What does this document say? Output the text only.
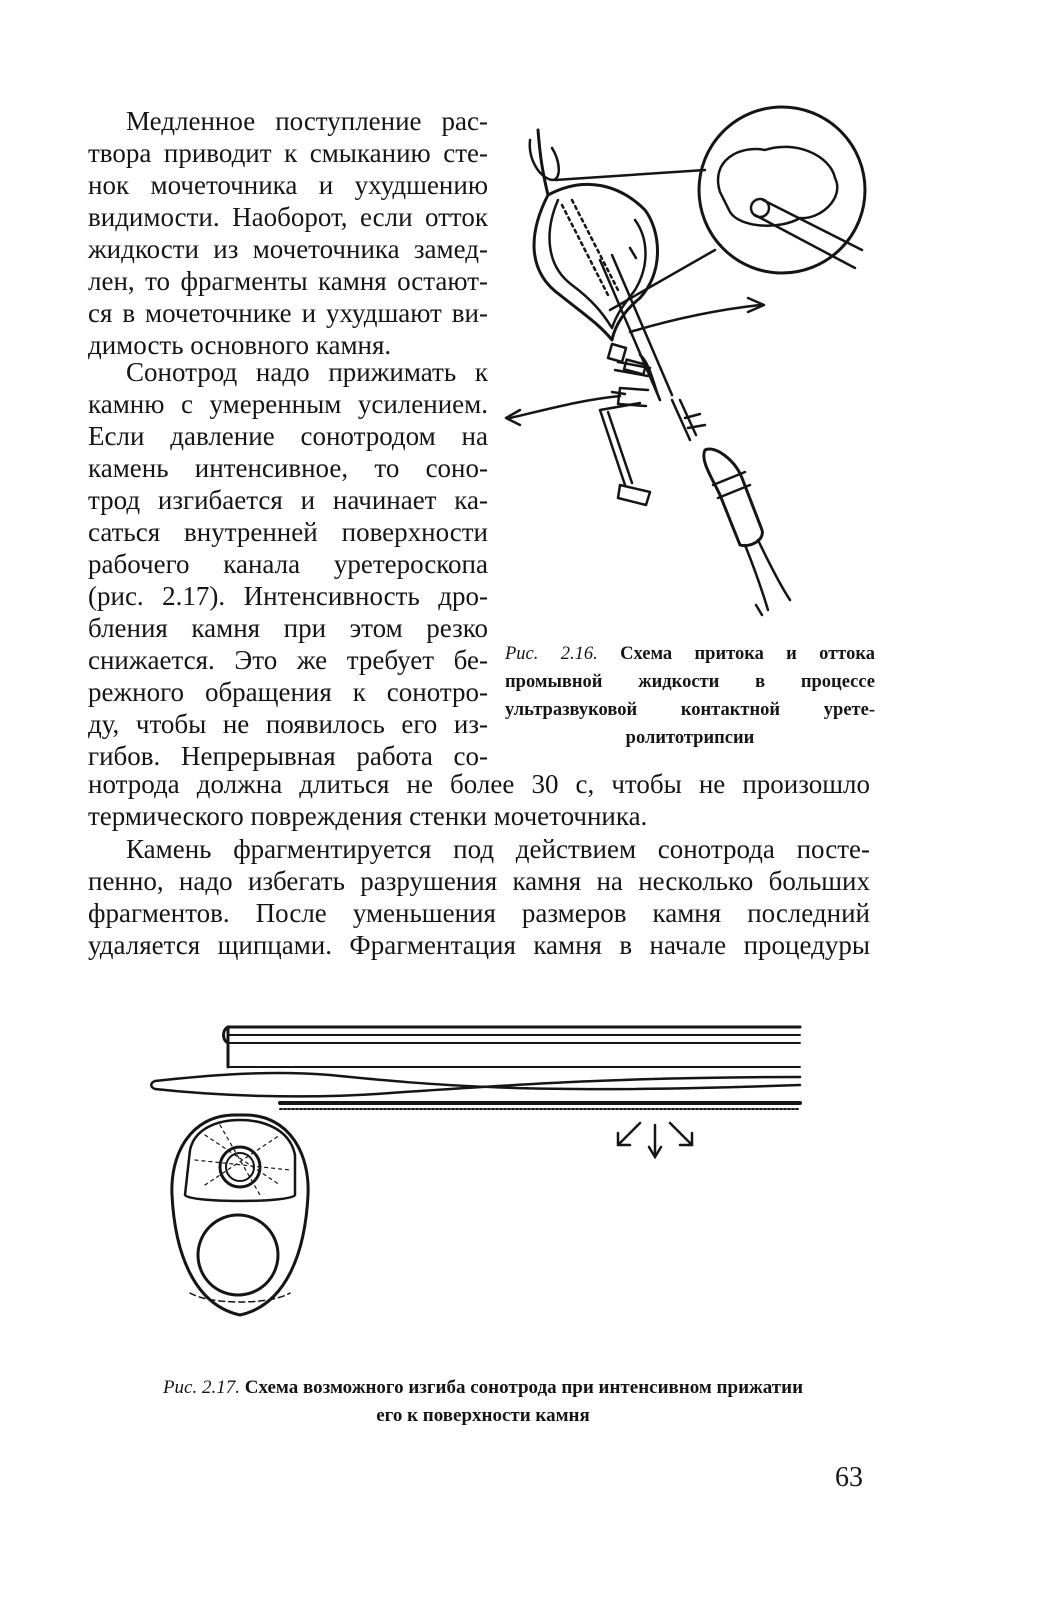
Медленное поступление рас-
твора приводит к смыканию сте-
нок мочеточника и ухудшению
видимости. Наоборот, если отток
жидкости из мочеточника замед-
лен, то фрагменты камня остают-
ся в мочеточнике и ухудшают ви-
димость основного камня.
Сонотрод надо прижимать к
камню с умеренным усилением.
Если давление сонотродом на
камень интенсивное, то соно-
трод изгибается и начинает ка-
саться внутренней поверхности
рабочего канала уретероскопа
(рис. 2.17). Интенсивность дро-
бления камня при этом резко
снижается. Это же требует бе-
режного обращения к сонотро-
ду, чтобы не появилось его из-
гибов. Непрерывная работа со-
нотрода должна длиться не более 30 с, чтобы не произошло
термического повреждения стенки мочеточника.
Камень фрагментируется под действием сонотрода посте-
пенно, надо избегать разрушения камня на несколько больших
фрагментов. После уменьшения размеров камня последний
удаляется щипцами. Фрагментация камня в начале процедуры
Рис. 2.16. Схема притока и оттока
промывной жидкости в процессе
ультразвуковой контактной урете-
ролитотрипсии
Рис. 2.17. Схема возможного изгиба сонотрода при интенсивном прижатии
его к поверхности камня
63
